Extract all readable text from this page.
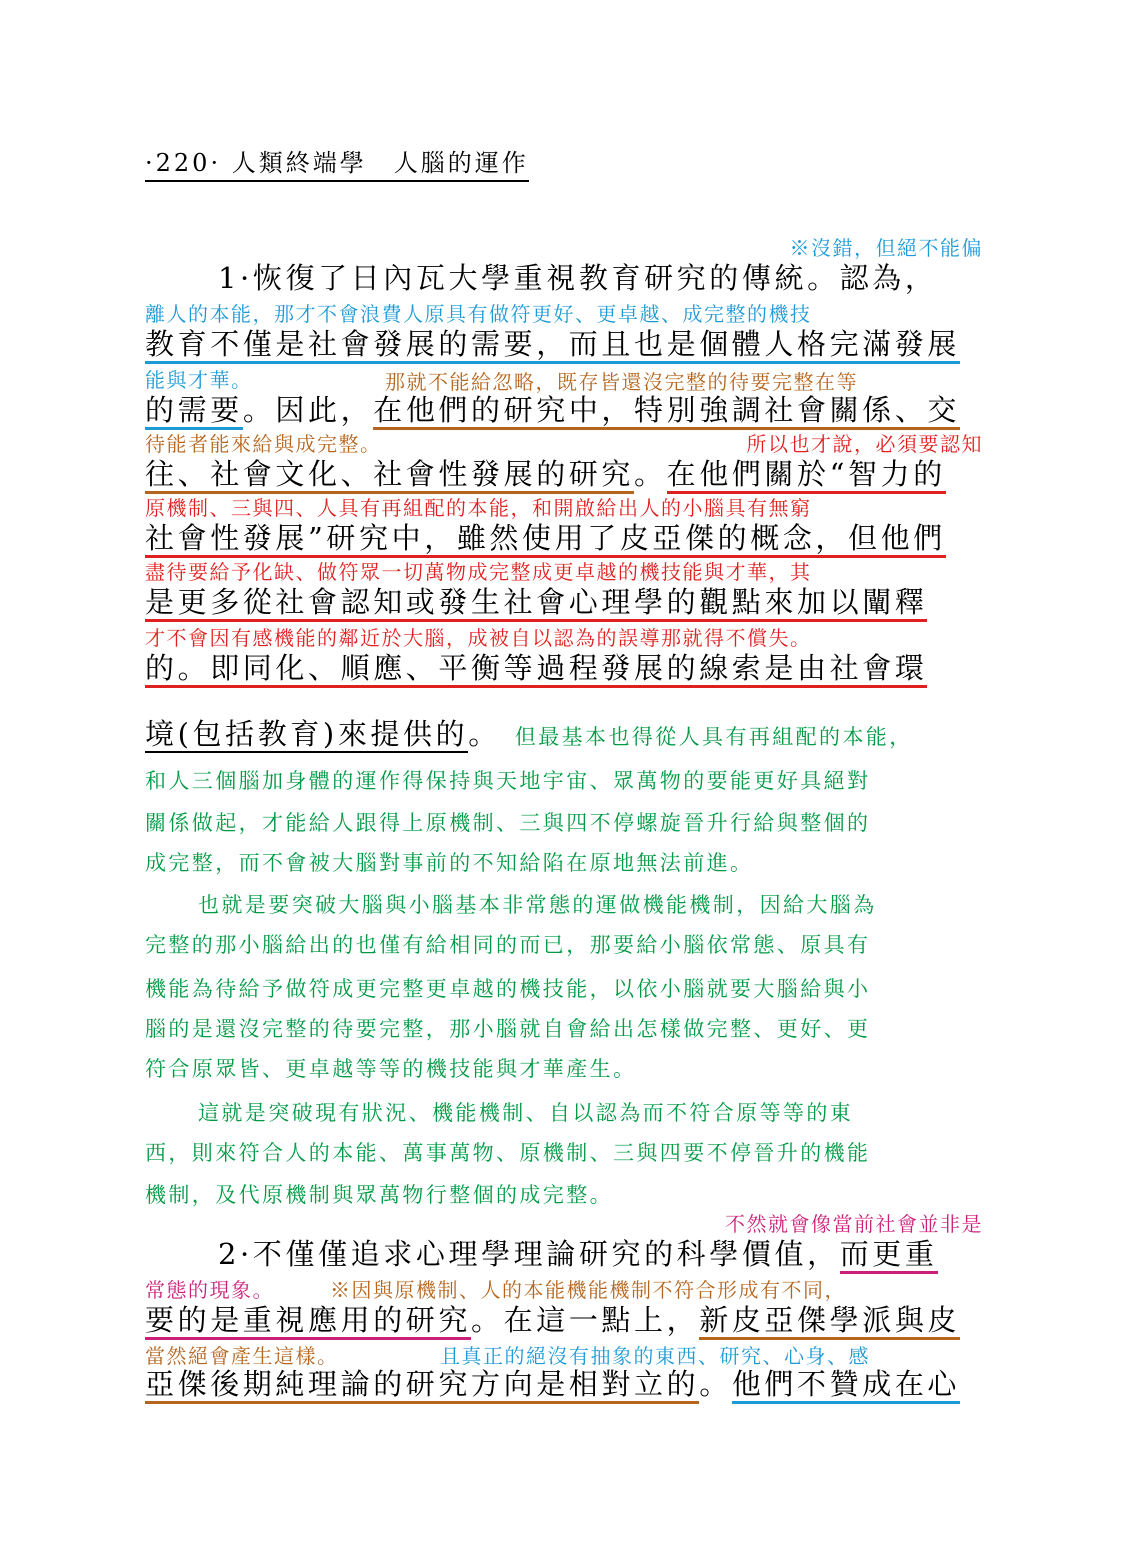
·220· 人類終端學　人腦的運作
※沒錯，但絕不能偏
1·恢復了日內瓦大學重視教育研究的傳統。認為，
離人的本能，那才不會浪費人原具有做符更好、更卓越、成完整的機技
教育不僅是社會發展的需要，而且也是個體人格完滿發展
能與才華。	那就不能給忽略，既存皆還沒完整的待要完整在等
的需要。因此，在他們的研究中，特別強調社會關係、交
待能者能來給與成完整。	所以也才說，必須要認知
往、社會文化、社會性發展的研究。在他們關於“智力的
原機制、三與四、人具有再組配的本能，和開啟給出人的小腦具有無窮
社會性發展”研究中，雖然使用了皮亞傑的概念，但他們
盡待要給予化缺、做符眾一切萬物成完整成更卓越的機技能與才華，其
是更多從社會認知或發生社會心理學的觀點來加以闡釋
才不會因有感機能的鄰近於大腦，成被自以認為的誤導那就得不償失。
的。即同化、順應、平衡等過程發展的線索是由社會環
境(包括教育)來提供的。 但最基本也得從人具有再組配的本能，
和人三個腦加身體的運作得保持與天地宇宙、眾萬物的要能更好具絕對
關係做起，才能給人跟得上原機制、三與四不停螺旋晉升行給與整個的
成完整，而不會被大腦對事前的不知給陷在原地無法前進。
也就是要突破大腦與小腦基本非常態的運做機能機制，因給大腦為
完整的那小腦給出的也僅有給相同的而已，那要給小腦依常態、原具有
機能為待給予做符成更完整更卓越的機技能，以依小腦就要大腦給與小
腦的是還沒完整的待要完整，那小腦就自會給出怎樣做完整、更好、更
符合原眾皆、更卓越等等的機技能與才華產生。
這就是突破現有狀況、機能機制、自以認為而不符合原等等的東
西，則來符合人的本能、萬事萬物、原機制、三與四要不停晉升的機能
機制，及代原機制與眾萬物行整個的成完整。
不然就會像當前社會並非是
2·不僅僅追求心理學理論研究的科學價值，而更重
常態的現象。	※因與原機制、人的本能機能機制不符合形成有不同，
要的是重視應用的研究。在這一點上，新皮亞傑學派與皮
當然絕會產生這樣。	且真正的絕沒有抽象的東西、研究、心身、感
亞傑後期純理論的研究方向是相對立的。他們不贊成在心
